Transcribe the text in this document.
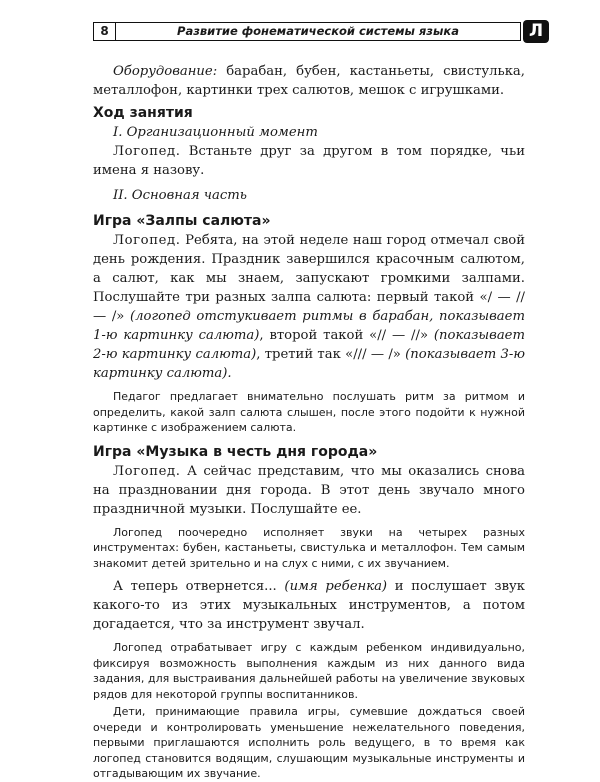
8	Развитие фонематической системы языка	Л

Оборудование: барабан, бубен, кастаньеты, свистулька, металлофон, картинки трех салютов, мешок с игрушками.

Ход занятия

I. Организационный момент

Логопед. Встаньте друг за другом в том порядке, чьи имена я назову.

II. Основная часть

Игра «Залпы салюта»

Логопед. Ребята, на этой неделе наш город отмечал свой день рождения. Праздник завершился красочным салютом, а салют, как мы знаем, запускают громкими залпами. Послушайте три разных залпа салюта: первый такой «/ — // — /» (логопед отстукивает ритмы в барабан, показывает 1-ю картинку салюта), второй такой «// — //» (показывает 2-ю картинку салюта), третий так «/// — /» (показывает 3-ю картинку салюта).

Педагог предлагает внимательно послушать ритм за ритмом и определить, какой залп салюта слышен, после этого подойти к нужной картинке с изображением салюта.

Игра «Музыка в честь дня города»

Логопед. А сейчас представим, что мы оказались снова на праздновании дня города. В этот день звучало много праздничной музыки. Послушайте ее.

Логопед поочередно исполняет звуки на четырех разных инструментах: бубен, кастаньеты, свистулька и металлофон. Тем самым знакомит детей зрительно и на слух с ними, с их звучанием.

А теперь отвернется... (имя ребенка) и послушает звук какого-то из этих музыкальных инструментов, а потом догадается, что за инструмент звучал.

Логопед отрабатывает игру с каждым ребенком индивидуально, фиксируя возможность выполнения каждым из них данного вида задания, для выстраивания дальнейшей работы на увеличение звуковых рядов для некоторой группы воспитанников.

Дети, принимающие правила игры, сумевшие дождаться своей очереди и контролировать уменьшение нежелательного поведения, первыми приглашаются исполнить роль ведущего, в то время как логопед становится водящим, слушающим музыкальные инструменты и отгадывающим их звучание.
